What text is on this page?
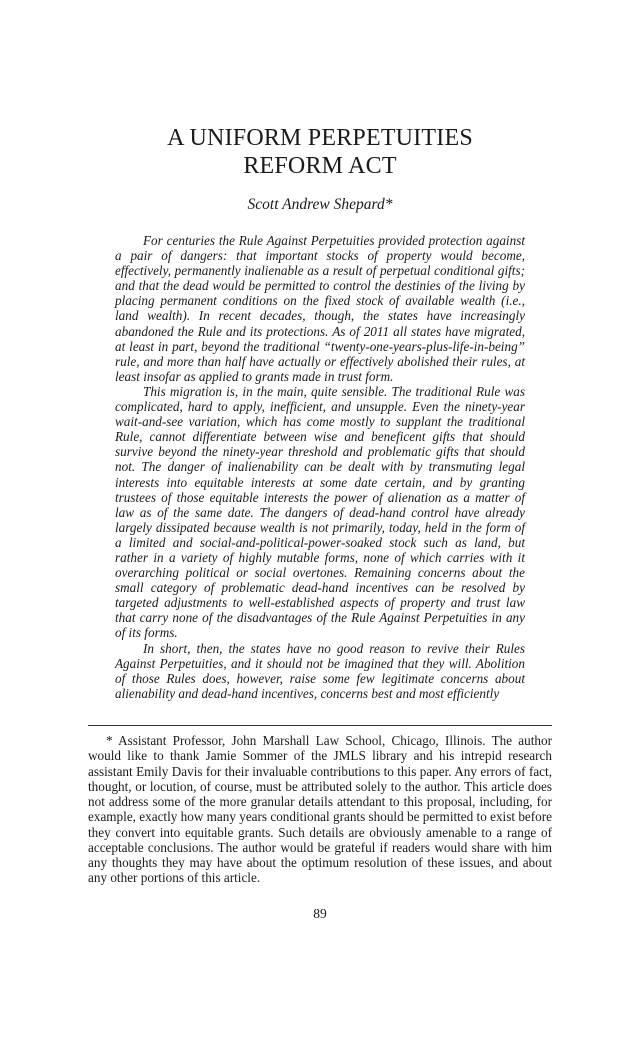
A UNIFORM PERPETUITIES
REFORM ACT
Scott Andrew Shepard*

For centuries the Rule Against Perpetuities provided protection against a pair of dangers: that important stocks of property would become, effectively, permanently inalienable as a result of perpetual conditional gifts; and that the dead would be permitted to control the destinies of the living by placing permanent conditions on the fixed stock of available wealth (i.e., land wealth). In recent decades, though, the states have increasingly abandoned the Rule and its protections. As of 2011 all states have migrated, at least in part, beyond the traditional “twenty-one-years-plus-life-in-being” rule, and more than half have actually or effectively abolished their rules, at least insofar as applied to grants made in trust form.

This migration is, in the main, quite sensible. The traditional Rule was complicated, hard to apply, inefficient, and unsupple. Even the ninety-year wait-and-see variation, which has come mostly to supplant the traditional Rule, cannot differentiate between wise and beneficent gifts that should survive beyond the ninety-year threshold and problematic gifts that should not. The danger of inalienability can be dealt with by transmuting legal interests into equitable interests at some date certain, and by granting trustees of those equitable interests the power of alienation as a matter of law as of the same date. The dangers of dead-hand control have already largely dissipated because wealth is not primarily, today, held in the form of a limited and social-and-political-power-soaked stock such as land, but rather in a variety of highly mutable forms, none of which carries with it overarching political or social overtones. Remaining concerns about the small category of problematic dead-hand incentives can be resolved by targeted adjustments to well-established aspects of property and trust law that carry none of the disadvantages of the Rule Against Perpetuities in any of its forms.

In short, then, the states have no good reason to revive their Rules Against Perpetuities, and it should not be imagined that they will. Abolition of those Rules does, however, raise some few legitimate concerns about alienability and dead-hand incentives, concerns best and most efficiently

* Assistant Professor, John Marshall Law School, Chicago, Illinois. The author would like to thank Jamie Sommer of the JMLS library and his intrepid research assistant Emily Davis for their invaluable contributions to this paper. Any errors of fact, thought, or locution, of course, must be attributed solely to the author. This article does not address some of the more granular details attendant to this proposal, including, for example, exactly how many years conditional grants should be permitted to exist before they convert into equitable grants. Such details are obviously amenable to a range of acceptable conclusions. The author would be grateful if readers would share with him any thoughts they may have about the optimum resolution of these issues, and about any other portions of this article.

89
